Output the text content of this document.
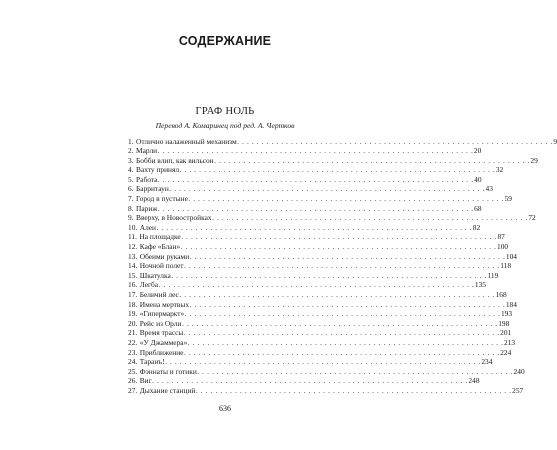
СОДЕРЖАНИЕ
ГРАФ НОЛЬ
Перевод А. Комаринец под ред. А. Чертков
1. Отлично налаженный механизм . . . . . . . . . . . . . . . . . . . . . . . . . . . . . . . . . . . . . . . . . . . . . . . . . . . . . . . . . . . . . . . . . 9
2. Марли . . . . . . . . . . . . . . . . . . . . . . . . . . . . . . . . . . . . . . . . . . . . . . . . . . . . . . . . . . . . . . . . . 20
3. Бобби влип, как вильсон . . . . . . . . . . . . . . . . . . . . . . . . . . . . . . . . . . . . . . . . . . . . . . . . . . . . . . . . . . . . . . . . . 29
4. Вахту принял . . . . . . . . . . . . . . . . . . . . . . . . . . . . . . . . . . . . . . . . . . . . . . . . . . . . . . . . . . . . . . . . . 32
5. Работа . . . . . . . . . . . . . . . . . . . . . . . . . . . . . . . . . . . . . . . . . . . . . . . . . . . . . . . . . . . . . . . . . 40
6. Барритаун . . . . . . . . . . . . . . . . . . . . . . . . . . . . . . . . . . . . . . . . . . . . . . . . . . . . . . . . . . . . . . . . . 43
7. Город в пустыне . . . . . . . . . . . . . . . . . . . . . . . . . . . . . . . . . . . . . . . . . . . . . . . . . . . . . . . . . . . . . . . . . 59
8. Париж . . . . . . . . . . . . . . . . . . . . . . . . . . . . . . . . . . . . . . . . . . . . . . . . . . . . . . . . . . . . . . . . . 68
9. Вверху, в Новостройках . . . . . . . . . . . . . . . . . . . . . . . . . . . . . . . . . . . . . . . . . . . . . . . . . . . . . . . . . . . . . . . . . 72
10. Ален . . . . . . . . . . . . . . . . . . . . . . . . . . . . . . . . . . . . . . . . . . . . . . . . . . . . . . . . . . . . . . . . . 82
11. На площадке . . . . . . . . . . . . . . . . . . . . . . . . . . . . . . . . . . . . . . . . . . . . . . . . . . . . . . . . . . . . . . . . . 87
12. Кафе «Блан» . . . . . . . . . . . . . . . . . . . . . . . . . . . . . . . . . . . . . . . . . . . . . . . . . . . . . . . . . . . . . . . . . 100
13. Обеими руками . . . . . . . . . . . . . . . . . . . . . . . . . . . . . . . . . . . . . . . . . . . . . . . . . . . . . . . . . . . . . . . . . 104
14. Ночной полет . . . . . . . . . . . . . . . . . . . . . . . . . . . . . . . . . . . . . . . . . . . . . . . . . . . . . . . . . . . . . . . . . 118
15. Шкатулка . . . . . . . . . . . . . . . . . . . . . . . . . . . . . . . . . . . . . . . . . . . . . . . . . . . . . . . . . . . . . . . . . 119
16. Легба . . . . . . . . . . . . . . . . . . . . . . . . . . . . . . . . . . . . . . . . . . . . . . . . . . . . . . . . . . . . . . . . . 135
17. Беличий лес . . . . . . . . . . . . . . . . . . . . . . . . . . . . . . . . . . . . . . . . . . . . . . . . . . . . . . . . . . . . . . . . . 168
18. Имена мертвых . . . . . . . . . . . . . . . . . . . . . . . . . . . . . . . . . . . . . . . . . . . . . . . . . . . . . . . . . . . . . . . . . 184
19. «Гипермаркт» . . . . . . . . . . . . . . . . . . . . . . . . . . . . . . . . . . . . . . . . . . . . . . . . . . . . . . . . . . . . . . . . . 193
20. Рейс из Орли . . . . . . . . . . . . . . . . . . . . . . . . . . . . . . . . . . . . . . . . . . . . . . . . . . . . . . . . . . . . . . . . . 198
21. Время трассы . . . . . . . . . . . . . . . . . . . . . . . . . . . . . . . . . . . . . . . . . . . . . . . . . . . . . . . . . . . . . . . . . 201
22. «У Джаммера» . . . . . . . . . . . . . . . . . . . . . . . . . . . . . . . . . . . . . . . . . . . . . . . . . . . . . . . . . . . . . . . . . 213
23. Приближение . . . . . . . . . . . . . . . . . . . . . . . . . . . . . . . . . . . . . . . . . . . . . . . . . . . . . . . . . . . . . . . . . 224
24. Таранъ! . . . . . . . . . . . . . . . . . . . . . . . . . . . . . . . . . . . . . . . . . . . . . . . . . . . . . . . . . . . . . . . . . 234
25. Фэннаты и готики . . . . . . . . . . . . . . . . . . . . . . . . . . . . . . . . . . . . . . . . . . . . . . . . . . . . . . . . . . . . . . . . . 240
26. Виг . . . . . . . . . . . . . . . . . . . . . . . . . . . . . . . . . . . . . . . . . . . . . . . . . . . . . . . . . . . . . . . . . 248
27. Дыхание станций . . . . . . . . . . . . . . . . . . . . . . . . . . . . . . . . . . . . . . . . . . . . . . . . . . . . . . . . . . . . . . . . . 257
636
